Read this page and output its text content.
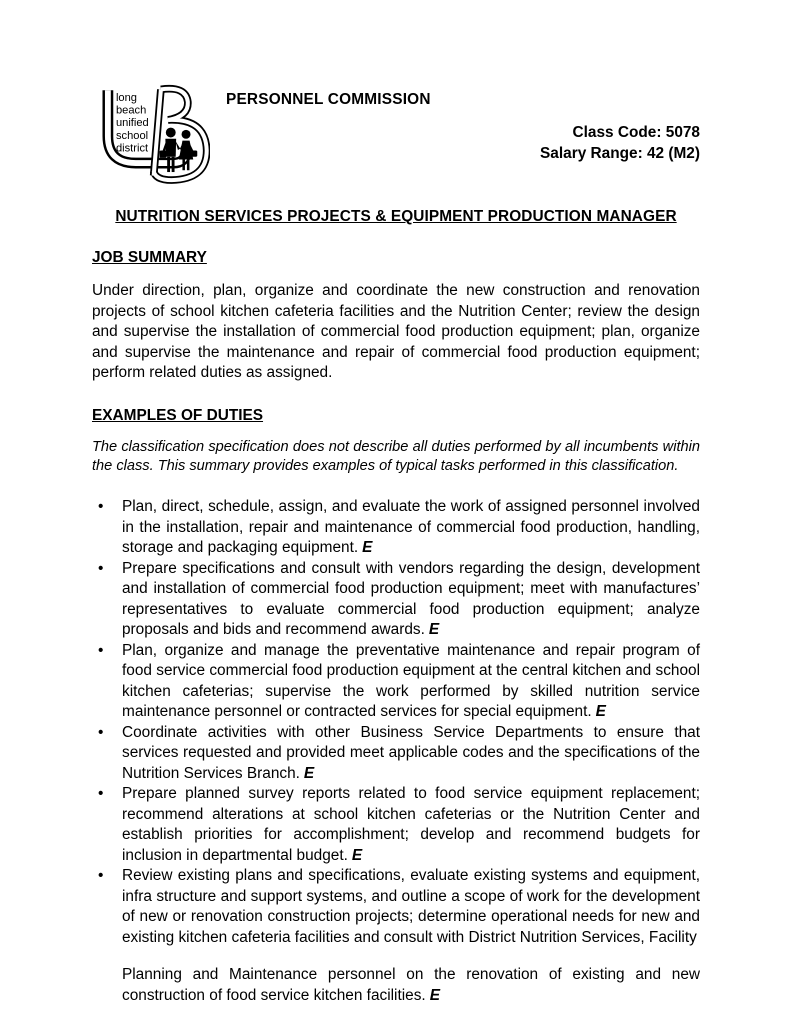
long
beach
unified
school
district
PERSONNEL COMMISSION
Class Code: 5078
Salary Range: 42 (M2)
NUTRITION SERVICES PROJECTS & EQUIPMENT PRODUCTION MANAGER
JOB SUMMARY
Under direction, plan, organize and coordinate the new construction and renovation projects of school kitchen cafeteria facilities and the Nutrition Center; review the design and supervise the installation of commercial food production equipment; plan, organize and supervise the maintenance and repair of commercial food production equipment; perform related duties as assigned.
EXAMPLES OF DUTIES
The classification specification does not describe all duties performed by all incumbents within the class. This summary provides examples of typical tasks performed in this classification.
• Plan, direct, schedule, assign, and evaluate the work of assigned personnel involved in the installation, repair and maintenance of commercial food production, handling, storage and packaging equipment. E
• Prepare specifications and consult with vendors regarding the design, development and installation of commercial food production equipment; meet with manufactures’ representatives to evaluate commercial food production equipment; analyze proposals and bids and recommend awards. E
• Plan, organize and manage the preventative maintenance and repair program of food service commercial food production equipment at the central kitchen and school kitchen cafeterias; supervise the work performed by skilled nutrition service maintenance personnel or contracted services for special equipment. E
• Coordinate activities with other Business Service Departments to ensure that services requested and provided meet applicable codes and the specifications of the Nutrition Services Branch. E
• Prepare planned survey reports related to food service equipment replacement; recommend alterations at school kitchen cafeterias or the Nutrition Center and establish priorities for accomplishment; develop and recommend budgets for inclusion in departmental budget. E
• Review existing plans and specifications, evaluate existing systems and equipment, infra structure and support systems, and outline a scope of work for the development of new or renovation construction projects; determine operational needs for new and existing kitchen cafeteria facilities and consult with District Nutrition Services, Facility
Planning and Maintenance personnel on the renovation of existing and new construction of food service kitchen facilities. E
